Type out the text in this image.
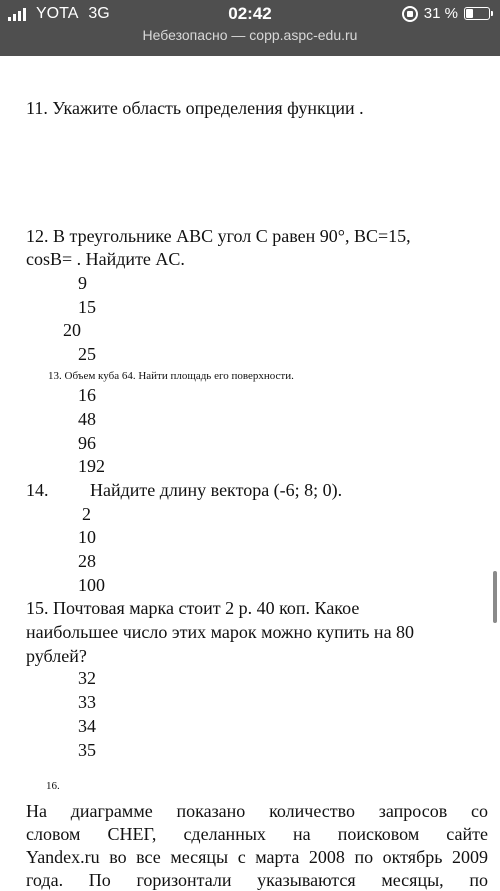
YOTA 3G	02:42	31 %
Небезопасно — copp.aspc-edu.ru
11. Укажите область определения функции .
12. В треугольнике ABC угол C равен 90°, BC=15,
cosB= . Найдите AC.
9
15
20
25
13. Объем куба 64. Найти площадь его поверхности.
16
48
96
192
14. Найдите длину вектора (-6; 8; 0).
2
10
28
100
15. Почтовая марка стоит 2 р. 40 коп. Какое
наибольшее число этих марок можно купить на 80
рублей?
32
33
34
35
16.
На диаграмме показано количество запросов со
словом СНЕГ, сделанных на поисковом сайте
Yandex.ru во все месяцы с марта 2008 по октябрь 2009
года. По горизонтали указываются месяцы, по
